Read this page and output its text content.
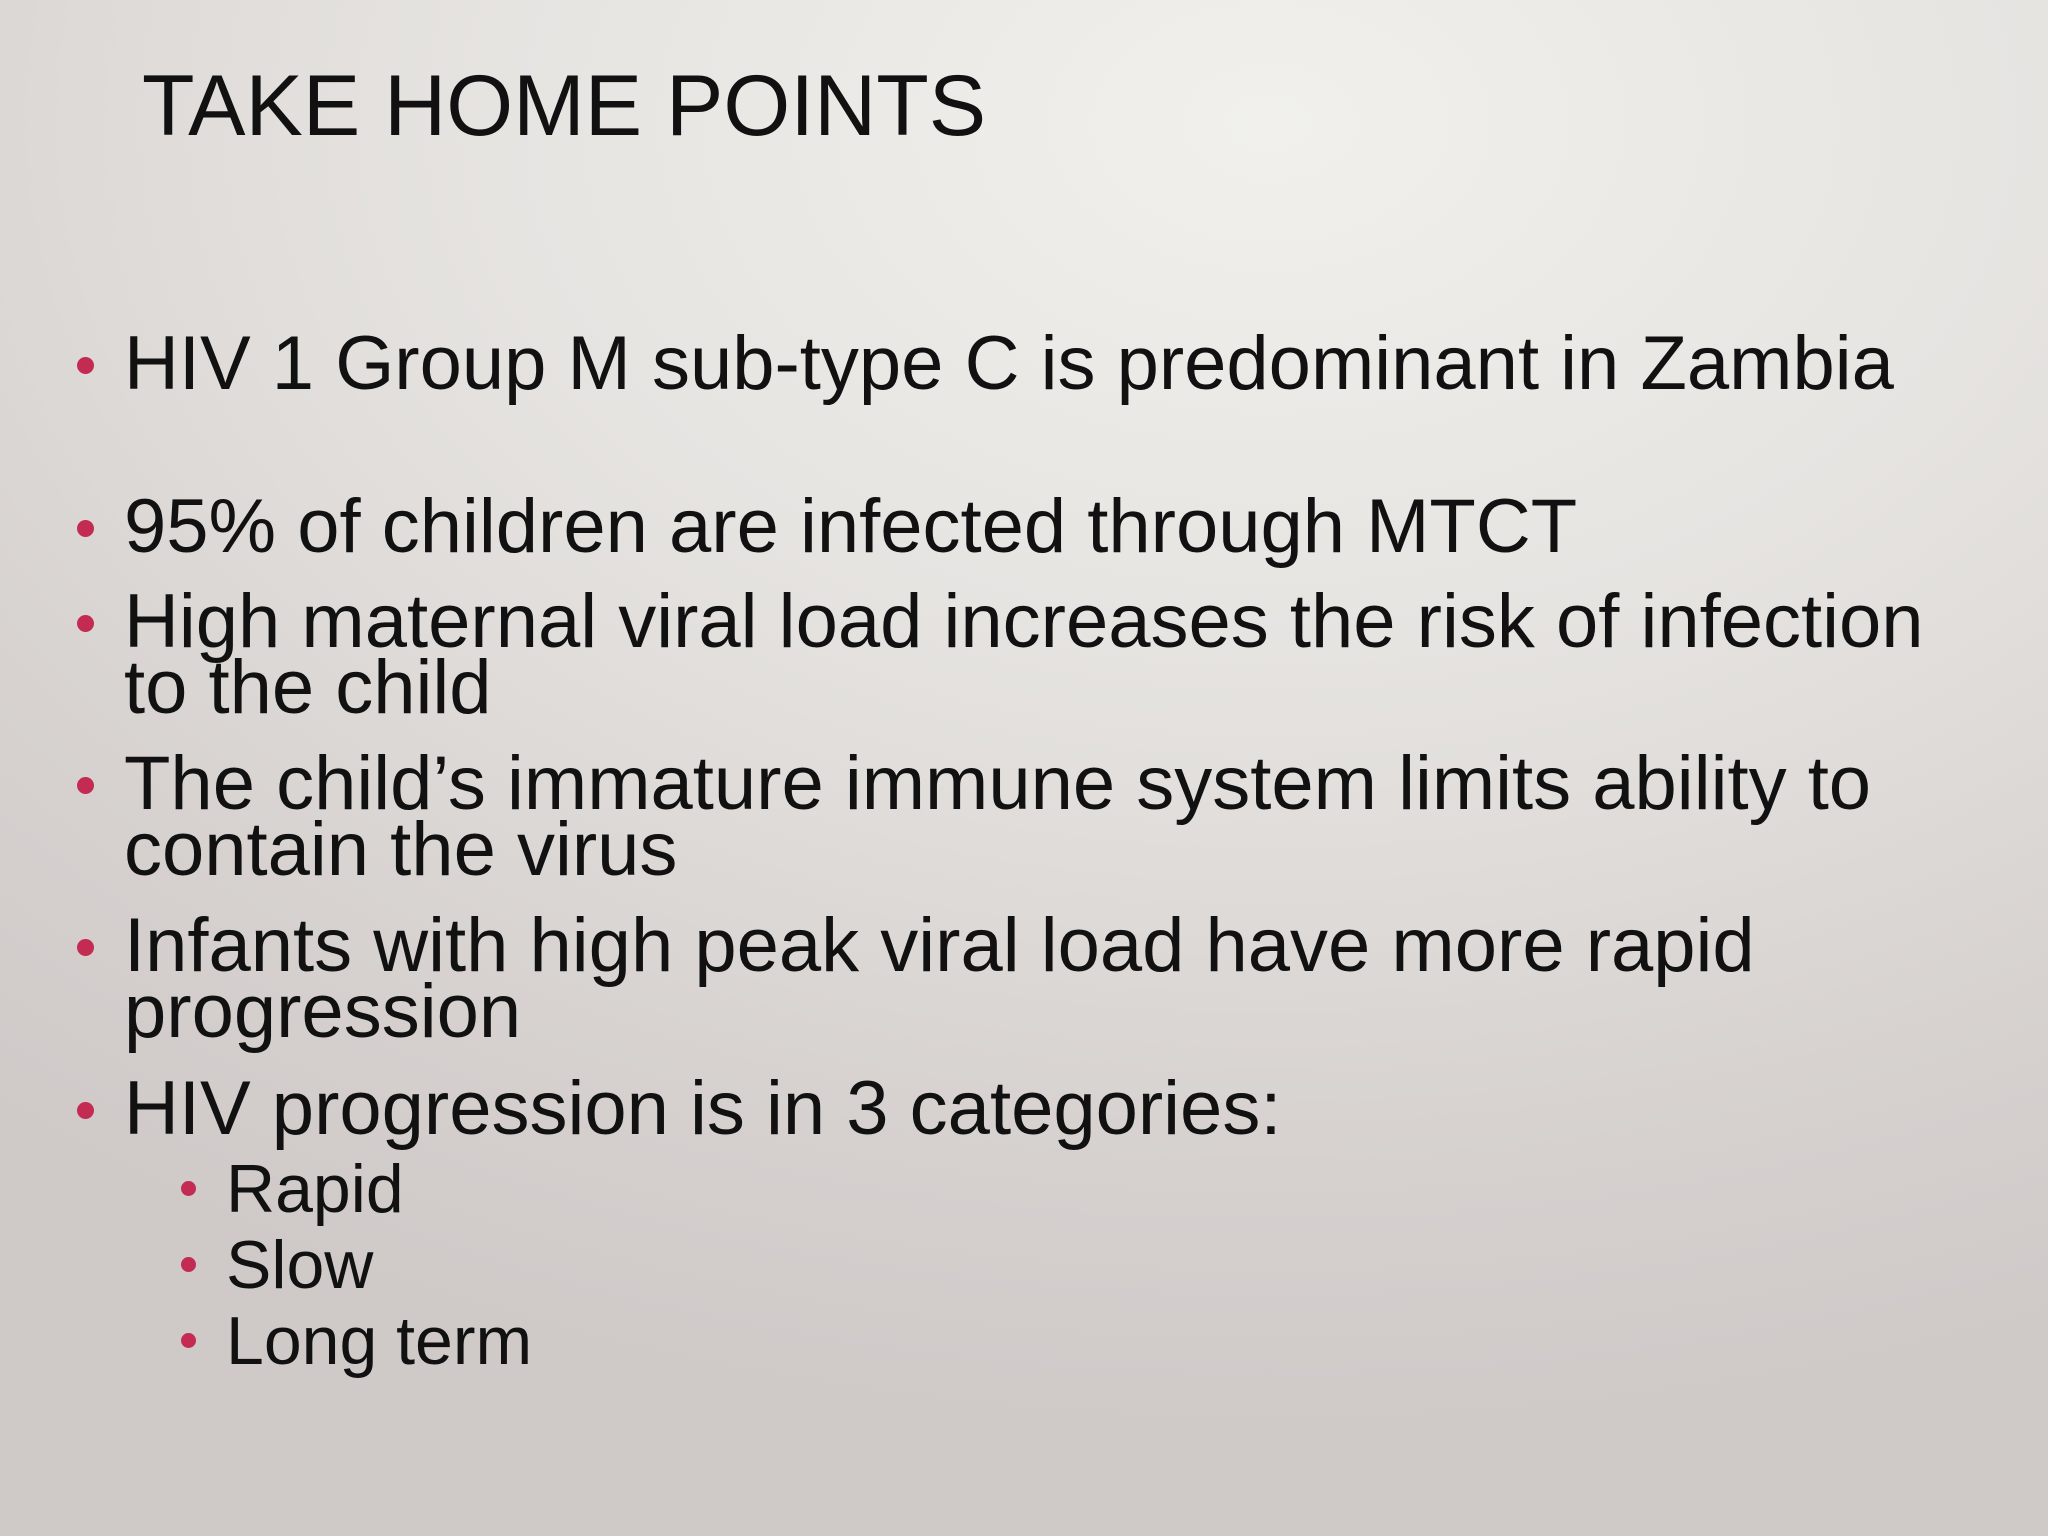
TAKE HOME POINTS
HIV 1 Group M sub-type C is predominant in Zambia
95% of children are infected through MTCT
High maternal viral load increases the risk of infection to the child
The child’s immature immune system limits ability to contain the virus
Infants with high peak viral load have more rapid progression
HIV progression is in 3 categories:
Rapid
Slow
Long term
